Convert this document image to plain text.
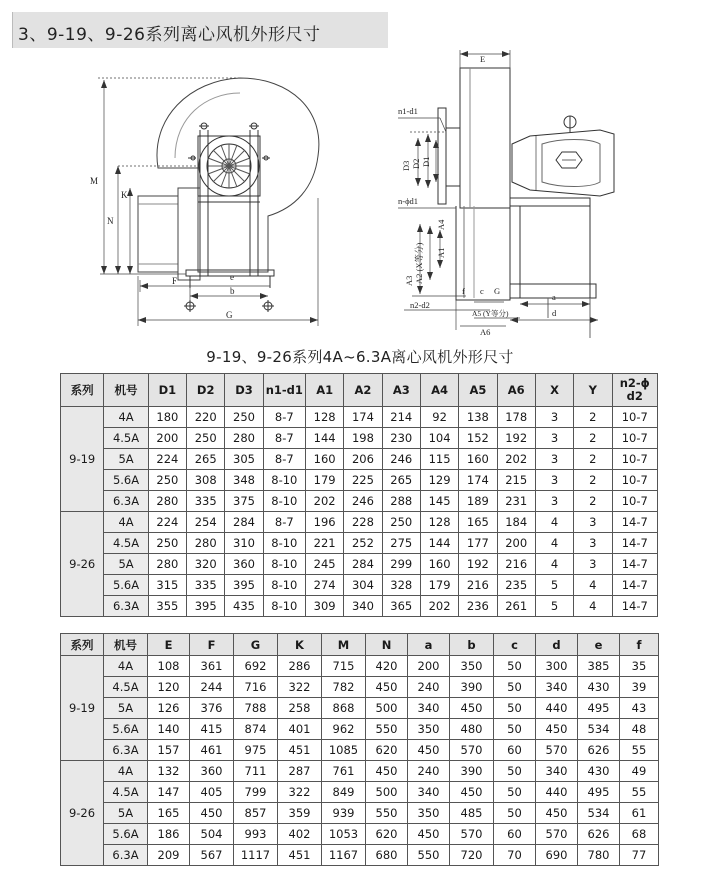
3、9-19、9-26系列离心风机外形尺寸
M
N
K
F	e
b
G
E
n1-d1
D3 D2 D1
n-ϕd1
A3 A2 (X等分) A1
A4
n2-d2
f c G
A5 (Y等分)
A6
a
d
9-19、9-26系列4A~6.3A离心风机外形尺寸
系列	机号	D1	D2	D3	n1-d1	A1	A2	A3	A4	A5	A6	X	Y	n2-ϕ d2
9-19	4A	180	220	250	8-7	128	174	214	92	138	178	3	2	10-7
	4.5A	200	250	280	8-7	144	198	230	104	152	192	3	2	10-7
	5A	224	265	305	8-7	160	206	246	115	160	202	3	2	10-7
	5.6A	250	308	348	8-10	179	225	265	129	174	215	3	2	10-7
	6.3A	280	335	375	8-10	202	246	288	145	189	231	3	2	10-7
9-26	4A	224	254	284	8-7	196	228	250	128	165	184	4	3	14-7
	4.5A	250	280	310	8-10	221	252	275	144	177	200	4	3	14-7
	5A	280	320	360	8-10	245	284	299	160	192	216	4	3	14-7
	5.6A	315	335	395	8-10	274	304	328	179	216	235	5	4	14-7
	6.3A	355	395	435	8-10	309	340	365	202	236	261	5	4	14-7
系列	机号	E	F	G	K	M	N	a	b	c	d	e	f
9-19	4A	108	361	692	286	715	420	200	350	50	300	385	35
	4.5A	120	244	716	322	782	450	240	390	50	340	430	39
	5A	126	376	788	258	868	500	340	450	50	440	495	43
	5.6A	140	415	874	401	962	550	350	480	50	450	534	48
	6.3A	157	461	975	451	1085	620	450	570	60	570	626	55
9-26	4A	132	360	711	287	761	450	240	390	50	340	430	49
	4.5A	147	405	799	322	849	500	340	450	50	440	495	55
	5A	165	450	857	359	939	550	350	485	50	450	534	61
	5.6A	186	504	993	402	1053	620	450	570	60	570	626	68
	6.3A	209	567	1117	451	1167	680	550	720	70	690	780	77
